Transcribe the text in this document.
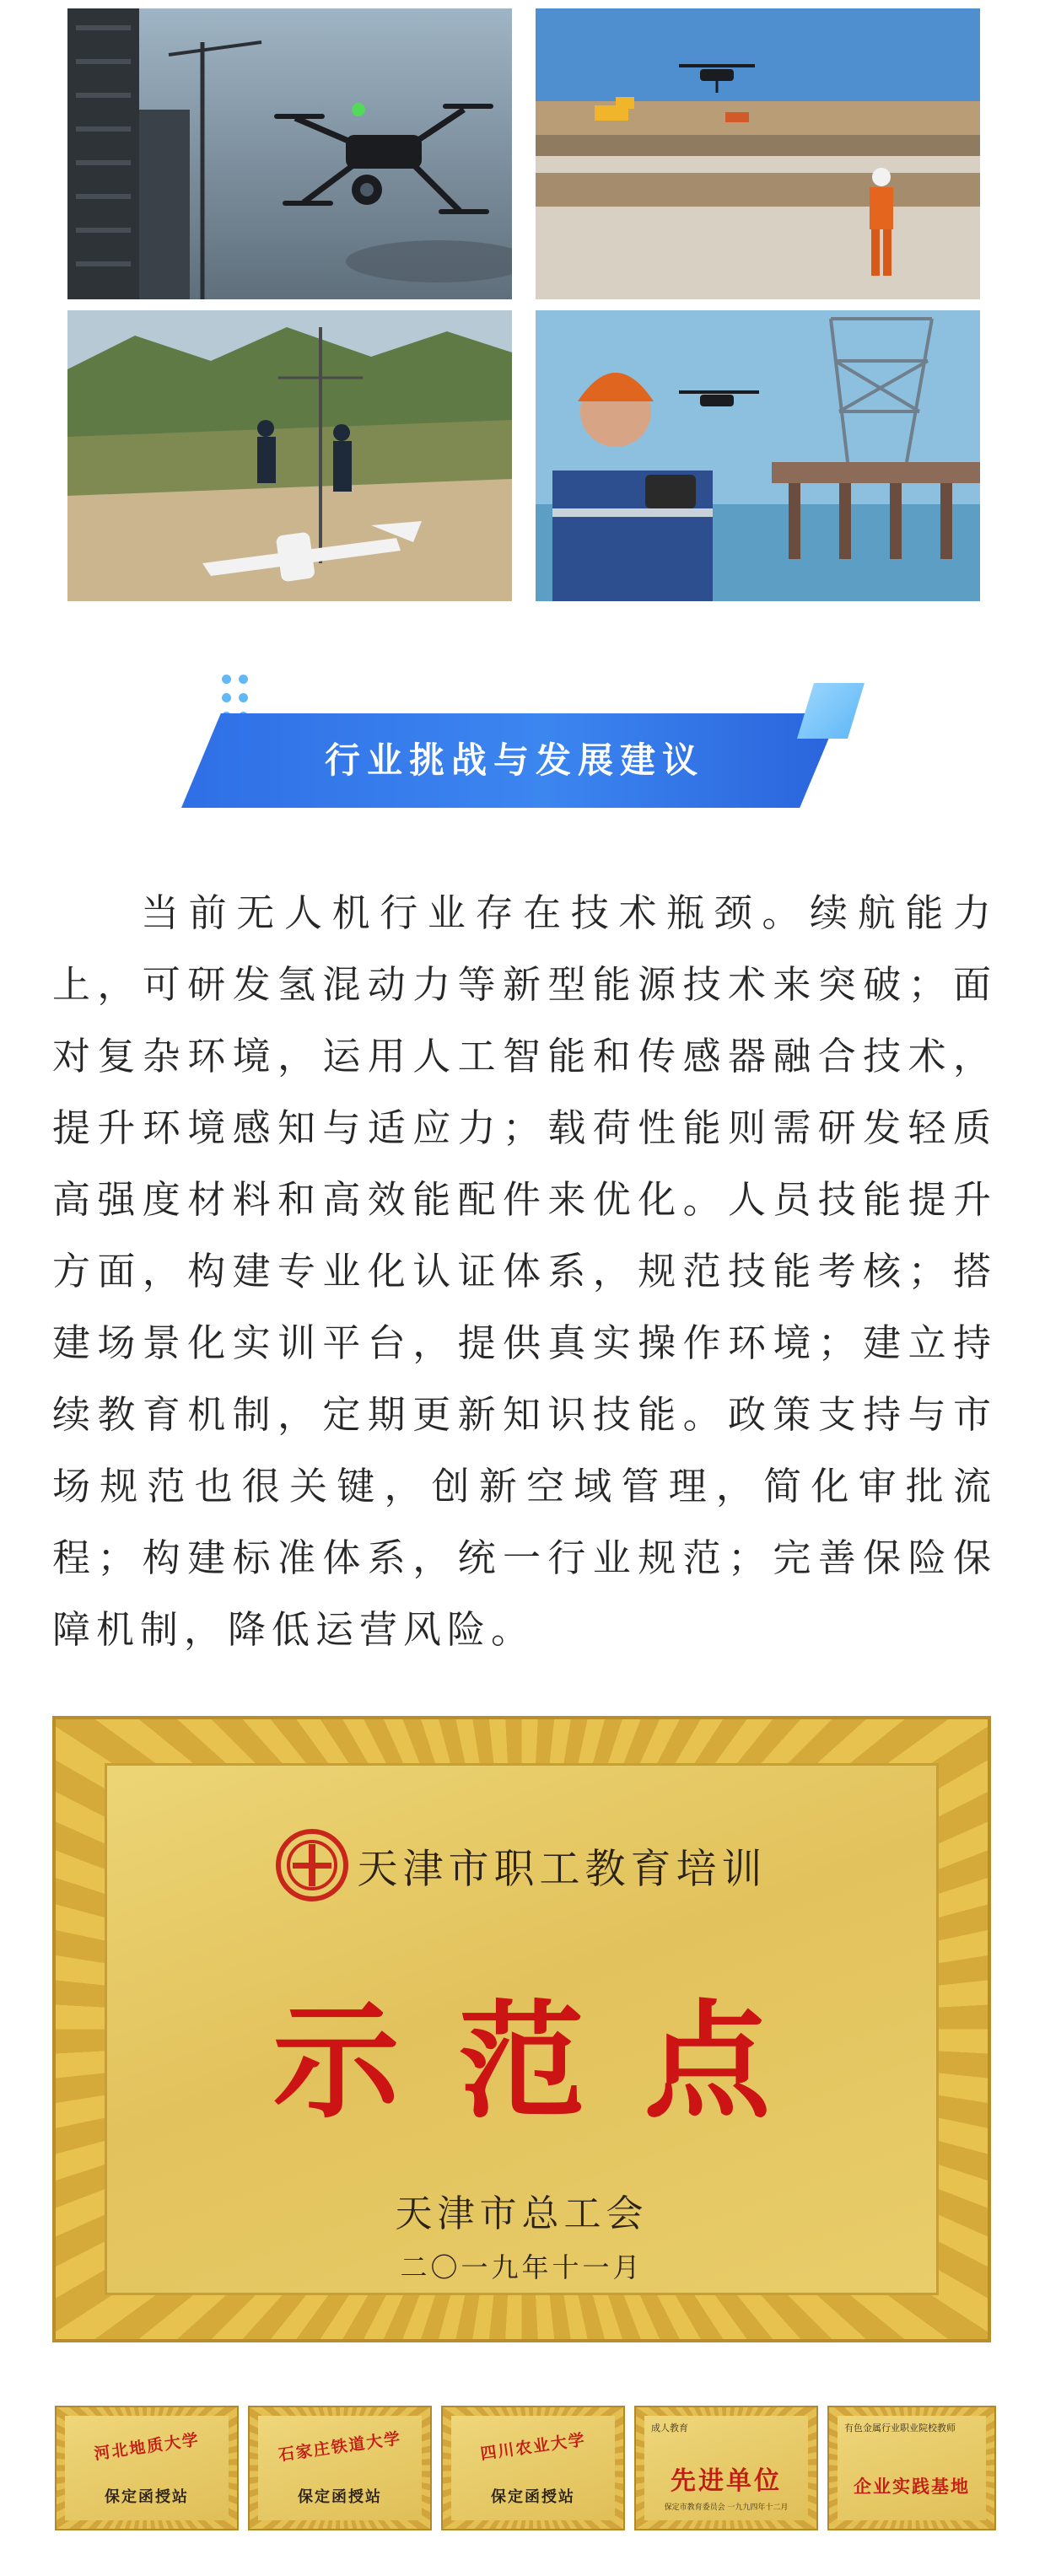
行业挑战与发展建议

当前无人机行业存在技术瓶颈。续航能力上，可研发氢混动力等新型能源技术来突破；面对复杂环境，运用人工智能和传感器融合技术，提升环境感知与适应力；载荷性能则需研发轻质高强度材料和高效能配件来优化。人员技能提升方面，构建专业化认证体系，规范技能考核；搭建场景化实训平台，提供真实操作环境；建立持续教育机制，定期更新知识技能。政策支持与市场规范也很关键，创新空域管理，简化审批流程；构建标准体系，统一行业规范；完善保险保障机制，降低运营风险。

天津市职工教育培训
示范点
天津市总工会
二〇一九年十一月
河北地质大学
保定函授站
石家庄铁道大学
保定函授站
四川农业大学
保定函授站
成人教育
先进单位
保定市教育委员会 一九九四年十二月
有色金属行业职业院校教师
企业实践基地
